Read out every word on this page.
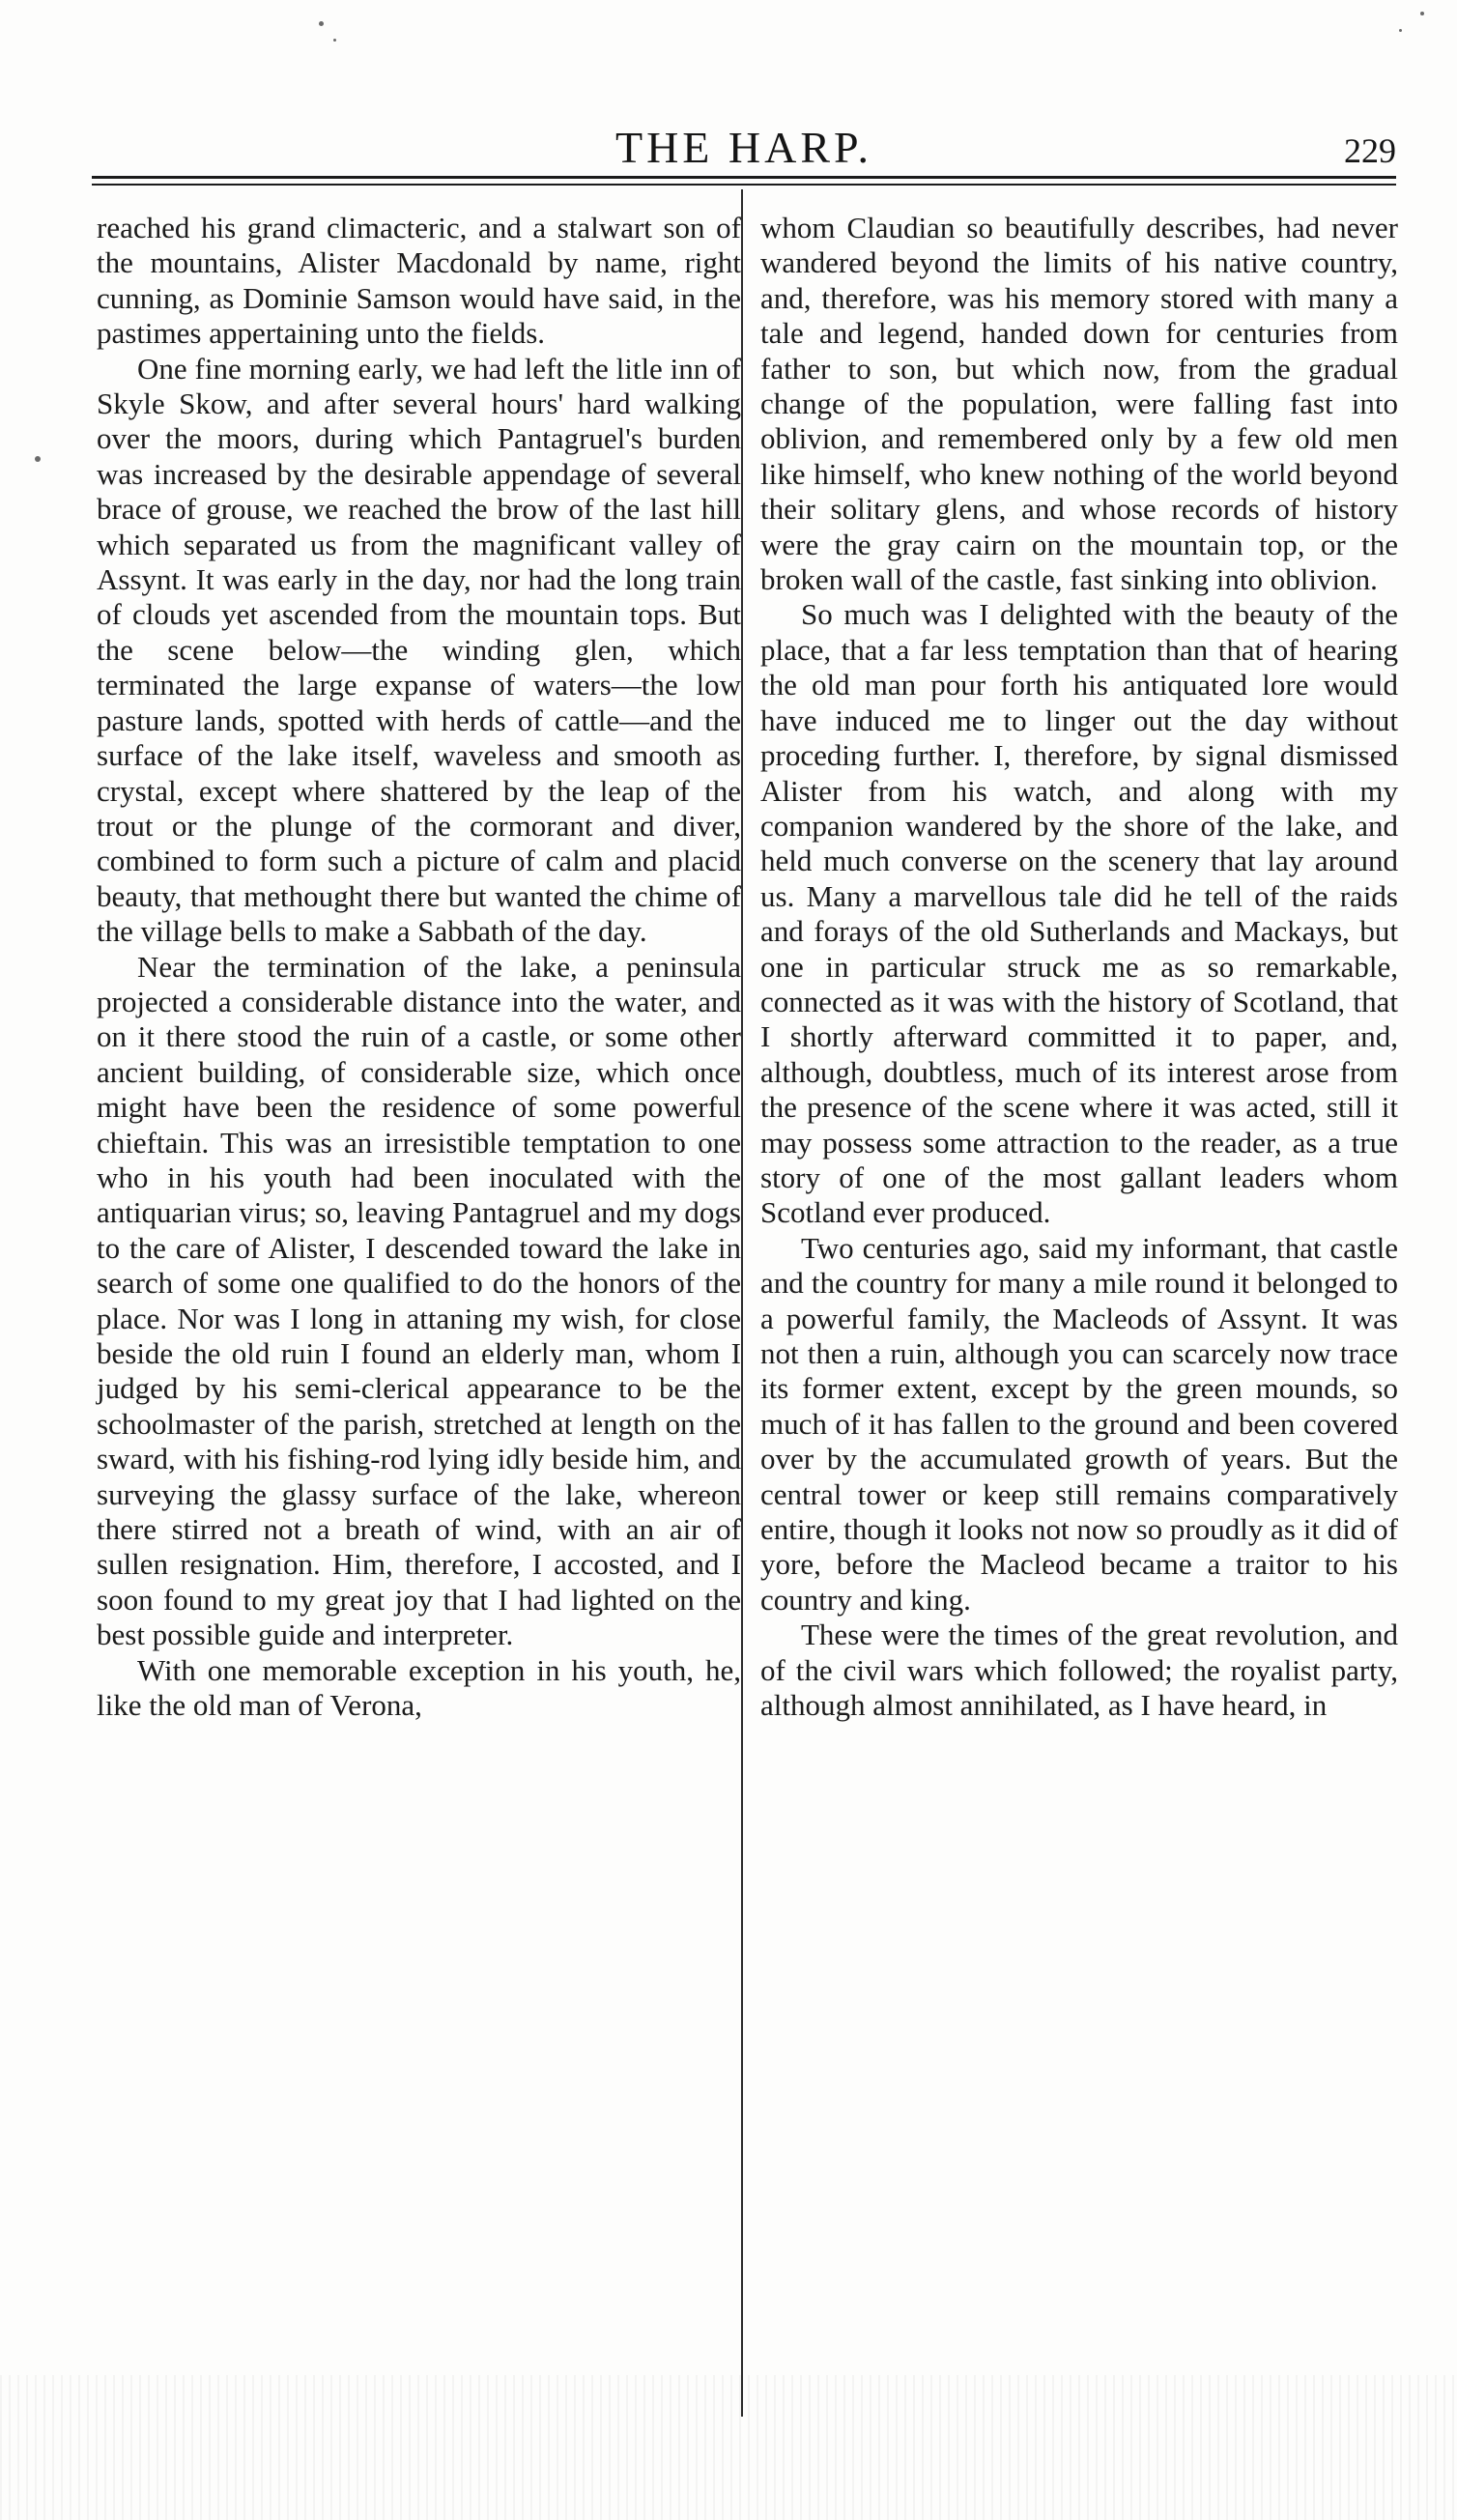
THE HARP.	229

reached his grand climacteric, and a stalwart son of the mountains, Alister Macdonald by name, right cunning, as Dominie Samson would have said, in the pastimes appertaining unto the fields.

One fine morning early, we had left the litle inn of Skyle Skow, and after several hours' hard walking over the moors, during which Pantagruel's burden was increased by the desirable appendage of several brace of grouse, we reached the brow of the last hill which separated us from the magnificant valley of Assynt. It was early in the day, nor had the long train of clouds yet ascended from the mountain tops. But the scene below—the winding glen, which terminated the large expanse of waters—the low pasture lands, spotted with herds of cattle—and the surface of the lake itself, waveless and smooth as crystal, except where shattered by the leap of the trout or the plunge of the cormorant and diver, combined to form such a picture of calm and placid beauty, that methought there but wanted the chime of the village bells to make a Sabbath of the day.

Near the termination of the lake, a peninsula projected a considerable distance into the water, and on it there stood the ruin of a castle, or some other ancient building, of considerable size, which once might have been the residence of some powerful chieftain. This was an irresistible temptation to one who in his youth had been inoculated with the antiquarian virus; so, leaving Pantagruel and my dogs to the care of Alister, I descended toward the lake in search of some one qualified to do the honors of the place. Nor was I long in attaning my wish, for close beside the old ruin I found an elderly man, whom I judged by his semi-clerical appearance to be the schoolmaster of the parish, stretched at length on the sward, with his fishing-rod lying idly beside him, and surveying the glassy surface of the lake, whereon there stirred not a breath of wind, with an air of sullen resignation. Him, therefore, I accosted, and I soon found to my great joy that I had lighted on the best possible guide and interpreter.

With one memorable exception in his youth, he, like the old man of Verona,

whom Claudian so beautifully describes, had never wandered beyond the limits of his native country, and, therefore, was his memory stored with many a tale and legend, handed down for centuries from father to son, but which now, from the gradual change of the population, were falling fast into oblivion, and remembered only by a few old men like himself, who knew nothing of the world beyond their solitary glens, and whose records of history were the gray cairn on the mountain top, or the broken wall of the castle, fast sinking into oblivion.

So much was I delighted with the beauty of the place, that a far less temptation than that of hearing the old man pour forth his antiquated lore would have induced me to linger out the day without proceding further. I, therefore, by signal dismissed Alister from his watch, and along with my companion wandered by the shore of the lake, and held much converse on the scenery that lay around us. Many a marvellous tale did he tell of the raids and forays of the old Sutherlands and Mackays, but one in particular struck me as so remarkable, connected as it was with the history of Scotland, that I shortly afterward committed it to paper, and, although, doubtless, much of its interest arose from the presence of the scene where it was acted, still it may possess some attraction to the reader, as a true story of one of the most gallant leaders whom Scotland ever produced.

Two centuries ago, said my informant, that castle and the country for many a mile round it belonged to a powerful family, the Macleods of Assynt. It was not then a ruin, although you can scarcely now trace its former extent, except by the green mounds, so much of it has fallen to the ground and been covered over by the accumulated growth of years. But the central tower or keep still remains comparatively entire, though it looks not now so proudly as it did of yore, before the Macleod became a traitor to his country and king.

These were the times of the great revolution, and of the civil wars which followed; the royalist party, although almost annihilated, as I have heard, in
